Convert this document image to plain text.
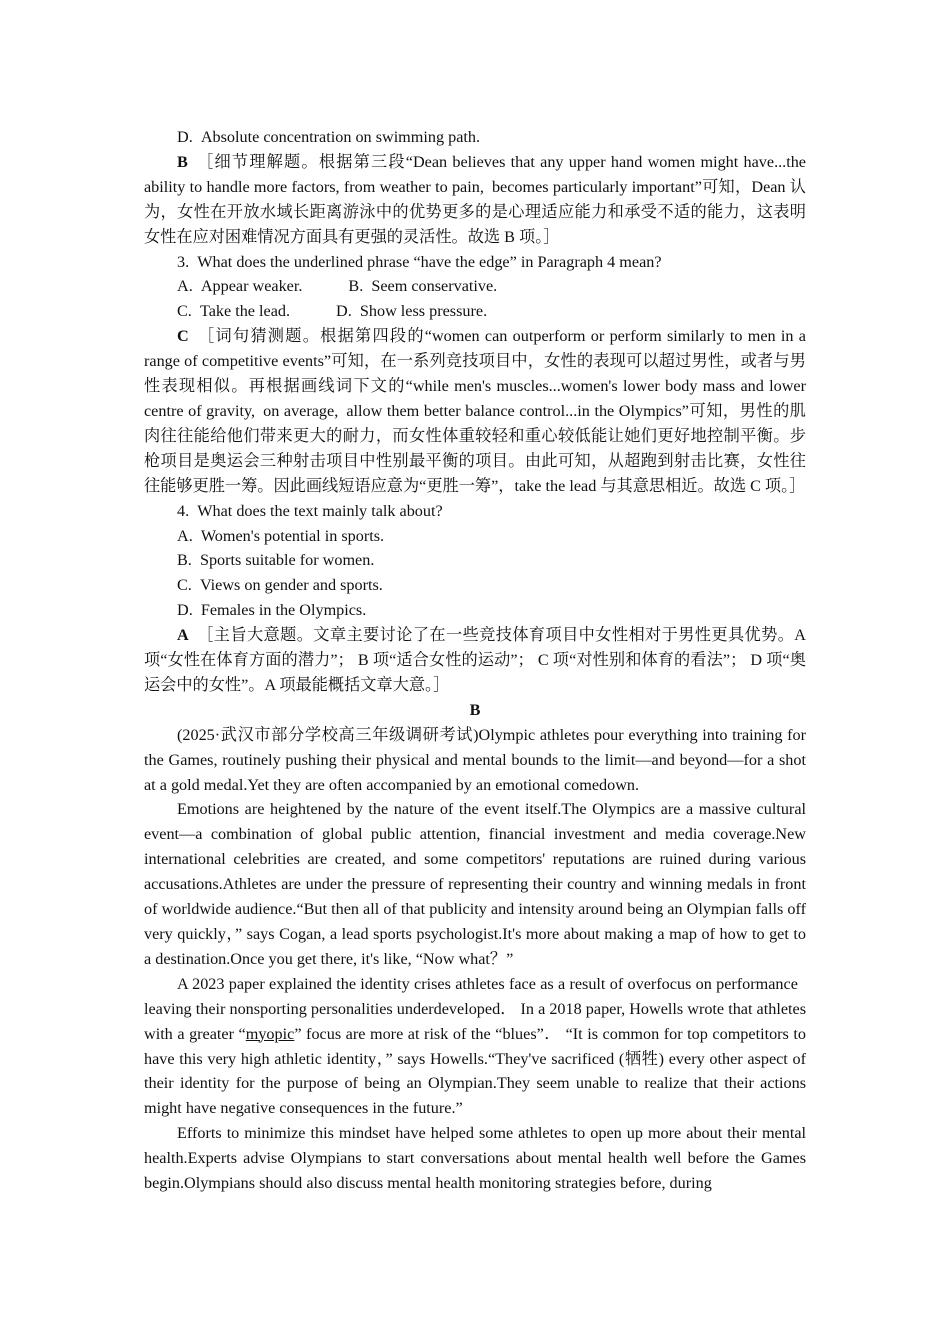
D. Absolute concentration on swimming path.

B  ［细节理解题。根据第三段“Dean believes that any upper hand women might have...the ability to handle more factors, from weather to pain, becomes particularly important”可知，Dean 认为，女性在开放水域长距离游泳中的优势更多的是心理适应能力和承受不适的能力，这表明女性在应对困难情况方面具有更强的灵活性。故选 B 项。］

3. What does the underlined phrase “have the edge” in Paragraph 4 mean?

A. Appear weaker.	B. Seem conservative.

C. Take the lead.	D. Show less pressure.

C  ［词句猜测题。根据第四段的“women can outperform or perform similarly to men in a range of competitive events”可知，在一系列竞技项目中，女性的表现可以超过男性，或者与男性表现相似。再根据画线词下文的“while men's muscles...women's lower body mass and lower centre of gravity, on average, allow them better balance control...in the Olympics”可知，男性的肌肉往往能给他们带来更大的耐力，而女性体重较轻和重心较低能让她们更好地控制平衡。步枪项目是奥运会三种射击项目中性别最平衡的项目。由此可知，从超跑到射击比赛，女性往往能够更胜一筹。因此画线短语应意为“更胜一筹”，take the lead 与其意思相近。故选 C 项。］

4. What does the text mainly talk about?

A. Women's potential in sports.

B. Sports suitable for women.

C. Views on gender and sports.

D. Females in the Olympics.

A  ［主旨大意题。文章主要讨论了在一些竞技体育项目中女性相对于男性更具优势。A 项“女性在体育方面的潜力”； B 项“适合女性的运动”； C 项“对性别和体育的看法”； D 项“奥运会中的女性”。A 项最能概括文章大意。］

B

(2025·武汉市部分学校高三年级调研考试)Olympic athletes pour everything into training for the Games, routinely pushing their physical and mental bounds to the limit—and beyond—for a shot at a gold medal.Yet they are often accompanied by an emotional comedown.

Emotions are heightened by the nature of the event itself.The Olympics are a massive cultural event—a combination of global public attention, financial investment and media coverage.New international celebrities are created, and some competitors' reputations are ruined during various accusations.Athletes are under the pressure of representing their country and winning medals in front of worldwide audience.“But then all of that publicity and intensity around being an Olympian falls off very quickly，” says Cogan, a lead sports psychologist.It's more about making a map of how to get to a destination.Once you get there, it's like, “Now what？”

A 2023 paper explained the identity crises athletes face as a result of overfocus on performance leaving their nonsporting personalities underdeveloped． In a 2018 paper, Howells wrote that athletes with a greater “myopic” focus are more at risk of the “blues”． “It is common for top competitors to have this very high athletic identity，” says Howells.“They've sacrificed (牺牲) every other aspect of their identity for the purpose of being an Olympian.They seem unable to realize that their actions might have negative consequences in the future.”

Efforts to minimize this mindset have helped some athletes to open up more about their mental health.Experts advise Olympians to start conversations about mental health well before the Games begin.Olympians should also discuss mental health monitoring strategies before, during
